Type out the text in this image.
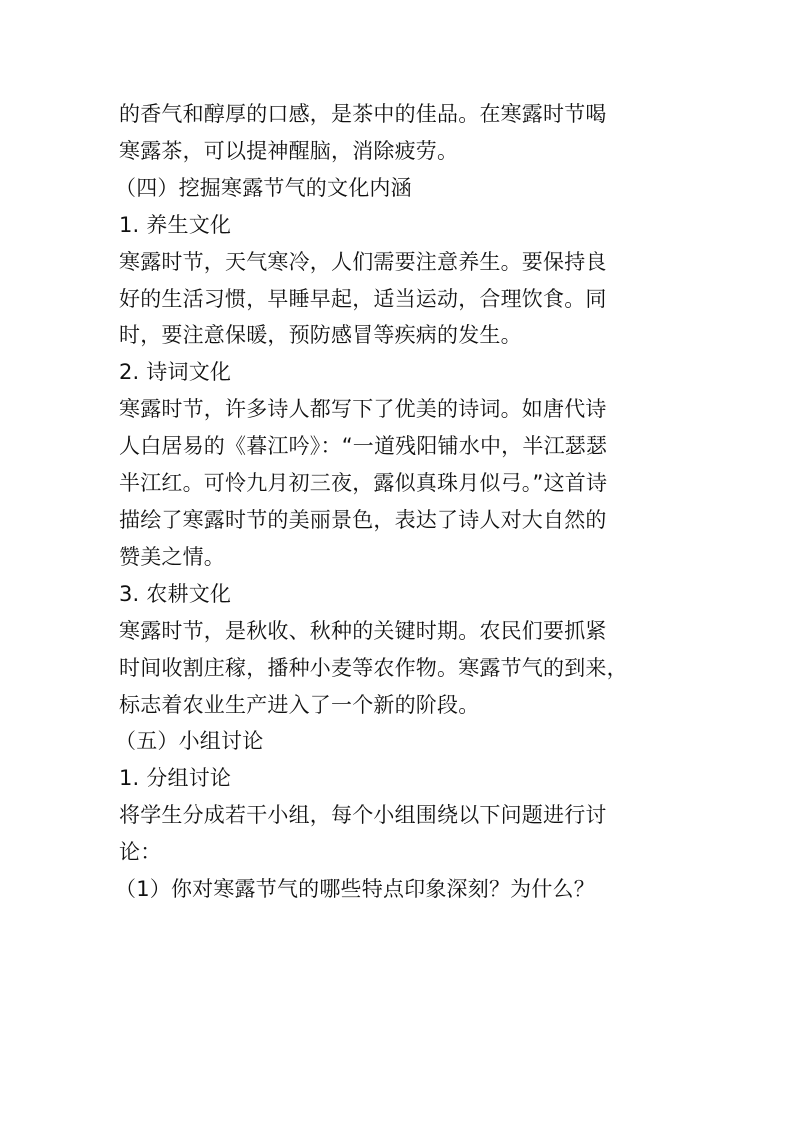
的香气和醇厚的口感，是茶中的佳品。在寒露时节喝
寒露茶，可以提神醒脑，消除疲劳。
（四）挖掘寒露节气的文化内涵
1. 养生文化
寒露时节，天气寒冷，人们需要注意养生。要保持良
好的生活习惯，早睡早起，适当运动，合理饮食。同
时，要注意保暖，预防感冒等疾病的发生。
2. 诗词文化
寒露时节，许多诗人都写下了优美的诗词。如唐代诗
人白居易的《暮江吟》：“一道残阳铺水中，半江瑟瑟
半江红。可怜九月初三夜，露似真珠月似弓。”这首诗
描绘了寒露时节的美丽景色，表达了诗人对大自然的
赞美之情。
3. 农耕文化
寒露时节，是秋收、秋种的关键时期。农民们要抓紧
时间收割庄稼，播种小麦等农作物。寒露节气的到来，
标志着农业生产进入了一个新的阶段。
（五）小组讨论
1. 分组讨论
将学生分成若干小组，每个小组围绕以下问题进行讨
论：
（1）你对寒露节气的哪些特点印象深刻？为什么？
